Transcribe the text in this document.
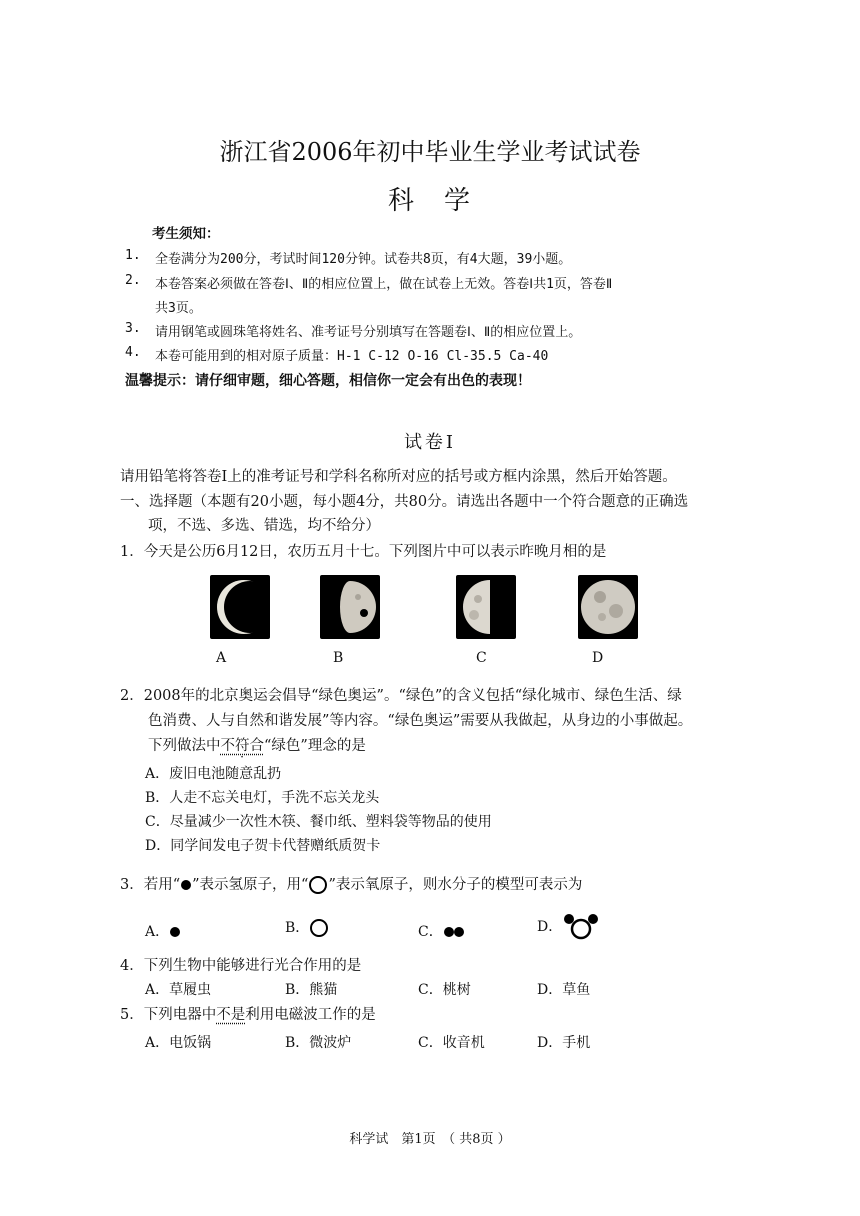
浙江省2006年初中毕业生学业考试试卷
科　学
考生须知：
1. 全卷满分为200分，考试时间120分钟。试卷共8页，有4大题，39小题。
2. 本卷答案必须做在答卷Ⅰ、Ⅱ的相应位置上，做在试卷上无效。答卷Ⅰ共1页，答卷Ⅱ
共3页。
3. 请用钢笔或圆珠笔将姓名、准考证号分别填写在答题卷Ⅰ、Ⅱ的相应位置上。
4. 本卷可能用到的相对原子质量：H-1 C-12 O-16 Cl-35.5 Ca-40
温馨提示：请仔细审题，细心答题，相信你一定会有出色的表现！
试卷Ⅰ
请用铅笔将答卷Ⅰ上的准考证号和学科名称所对应的括号或方框内涂黑，然后开始答题。
一、选择题（本题有20小题，每小题4分，共80分。请选出各题中一个符合题意的正确选
项，不选、多选、错选，均不给分）
1．今天是公历6月12日，农历五月十七。下列图片中可以表示昨晚月相的是
A	B	C	D
2．2008年的北京奥运会倡导“绿色奥运”。“绿色”的含义包括“绿化城市、绿色生活、绿
色消费、人与自然和谐发展”等内容。“绿色奥运”需要从我做起，从身边的小事做起。
下列做法中不符合“绿色”理念的是
A．废旧电池随意乱扔
B．人走不忘关电灯，手洗不忘关龙头
C．尽量减少一次性木筷、餐巾纸、塑料袋等物品的使用
D．同学间发电子贺卡代替赠纸质贺卡
3．若用“ ”表示氢原子，用“ ”表示氧原子，则水分子的模型可表示为
A．	B．	C．	D．
4．下列生物中能够进行光合作用的是
A．草履虫	B．熊猫	C．桃树	D．草鱼
5．下列电器中不是利用电磁波工作的是
A．电饭锅	B．微波炉	C．收音机	D．手机
科学试　第1页　（ 共8页 ）
